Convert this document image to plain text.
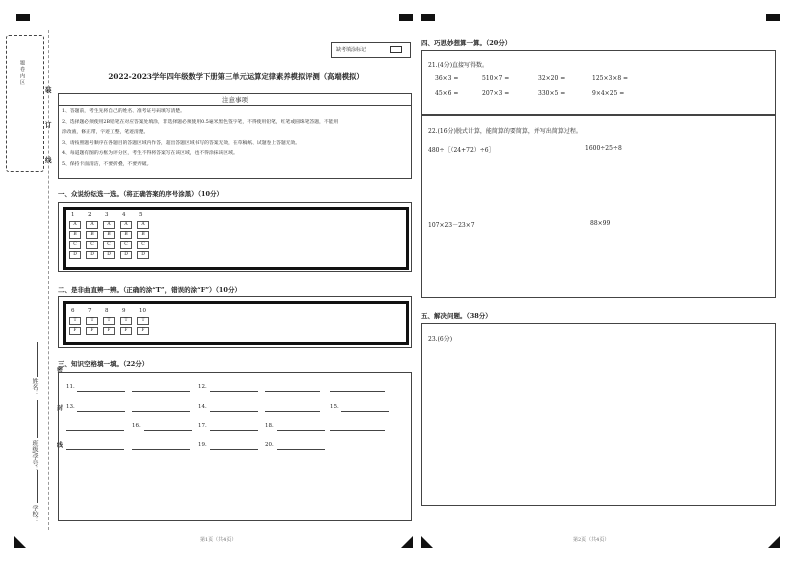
题 卷 内 区
装
订
线
密
封
线
姓名：
班级/学号：
学校：
缺考填涂标记
2022-2023学年四年级数学下册第三单元运算定律素养模拟评测（高端模拟）
注意事项

1、答题前，考生先将自己的姓名、准考证号码填写清楚。

2、选择题必须使用2B铅笔在对应答案处填涂，非选择题必须使用0.5毫米黑色签字笔，不得使用铅笔，红笔或圆珠笔答题，不能用

涂改液，修正带，字迹工整，笔迹清楚。

3、请按照题号顺序在各题目的答题区域内作答，超出答题区域书写的答案无效，在草稿纸、试题卷上答题无效。

4、每道题有图的方框为评分区，考生不得将答案写在该区域，也不得涂抹该区域。

5、保持卡面清洁，不要折叠，不要弄破。

一、众说纷纭选一选。（将正确答案的序号涂黑）（10分）
1
A
B
C
D
2
A
B
C
D
3
A
B
C
D
4
A
B
C
D
5
A
B
C
D
二、是非曲直辨一辨。（正确的涂“T”，错误的涂“F”）（10分）
6
T
F
7
T
F
8
T
F
9
T
F
10
T
F
三、知识空格填一填。（22分）
11.	12.
13.	14.	15.
16.	17.	18.
19.	20.
第1页（共4页）
四、巧思妙想算一算。（20分）
21.(4分)直接写得数。
36×3 =	510×7 =	32×20 =	125×3×8 =
45×6 =	207×3 =	330×5 =	9×4×25 =
22.(16分)脱式计算，能简算的要简算，并写出简算过程。
480÷［（24+72）÷6］	1600÷25÷8
107×23－23×7	88×99
五、解决问题。（38分）
23.(6分)
第2页（共4页）
